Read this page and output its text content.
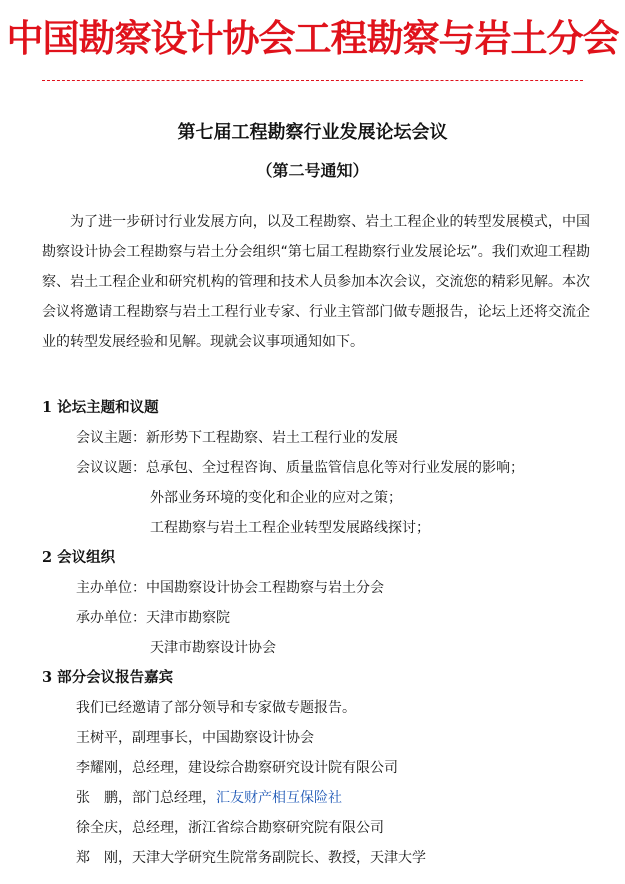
中国勘察设计协会工程勘察与岩土分会
第七届工程勘察行业发展论坛会议
（第二号通知）

为了进一步研讨行业发展方向，以及工程勘察、岩土工程企业的转型发展模式，中国勘察设计协会工程勘察与岩土分会组织“第七届工程勘察行业发展论坛”。我们欢迎工程勘察、岩土工程企业和研究机构的管理和技术人员参加本次会议，交流您的精彩见解。本次会议将邀请工程勘察与岩土工程行业专家、行业主管部门做专题报告，论坛上还将交流企业的转型发展经验和见解。现就会议事项通知如下。

1 论坛主题和议题
会议主题：新形势下工程勘察、岩土工程行业的发展
会议议题：总承包、全过程咨询、质量监管信息化等对行业发展的影响；
外部业务环境的变化和企业的应对之策；
工程勘察与岩土工程企业转型发展路线探讨；
2 会议组织
主办单位：中国勘察设计协会工程勘察与岩土分会
承办单位：天津市勘察院
天津市勘察设计协会
3 部分会议报告嘉宾
我们已经邀请了部分领导和专家做专题报告。
王树平，副理事长，中国勘察设计协会
李耀刚，总经理，建设综合勘察研究设计院有限公司
张　鹏，部门总经理，汇友财产相互保险社
徐全庆，总经理，浙江省综合勘察研究院有限公司
郑　刚，天津大学研究生院常务副院长、教授，天津大学
